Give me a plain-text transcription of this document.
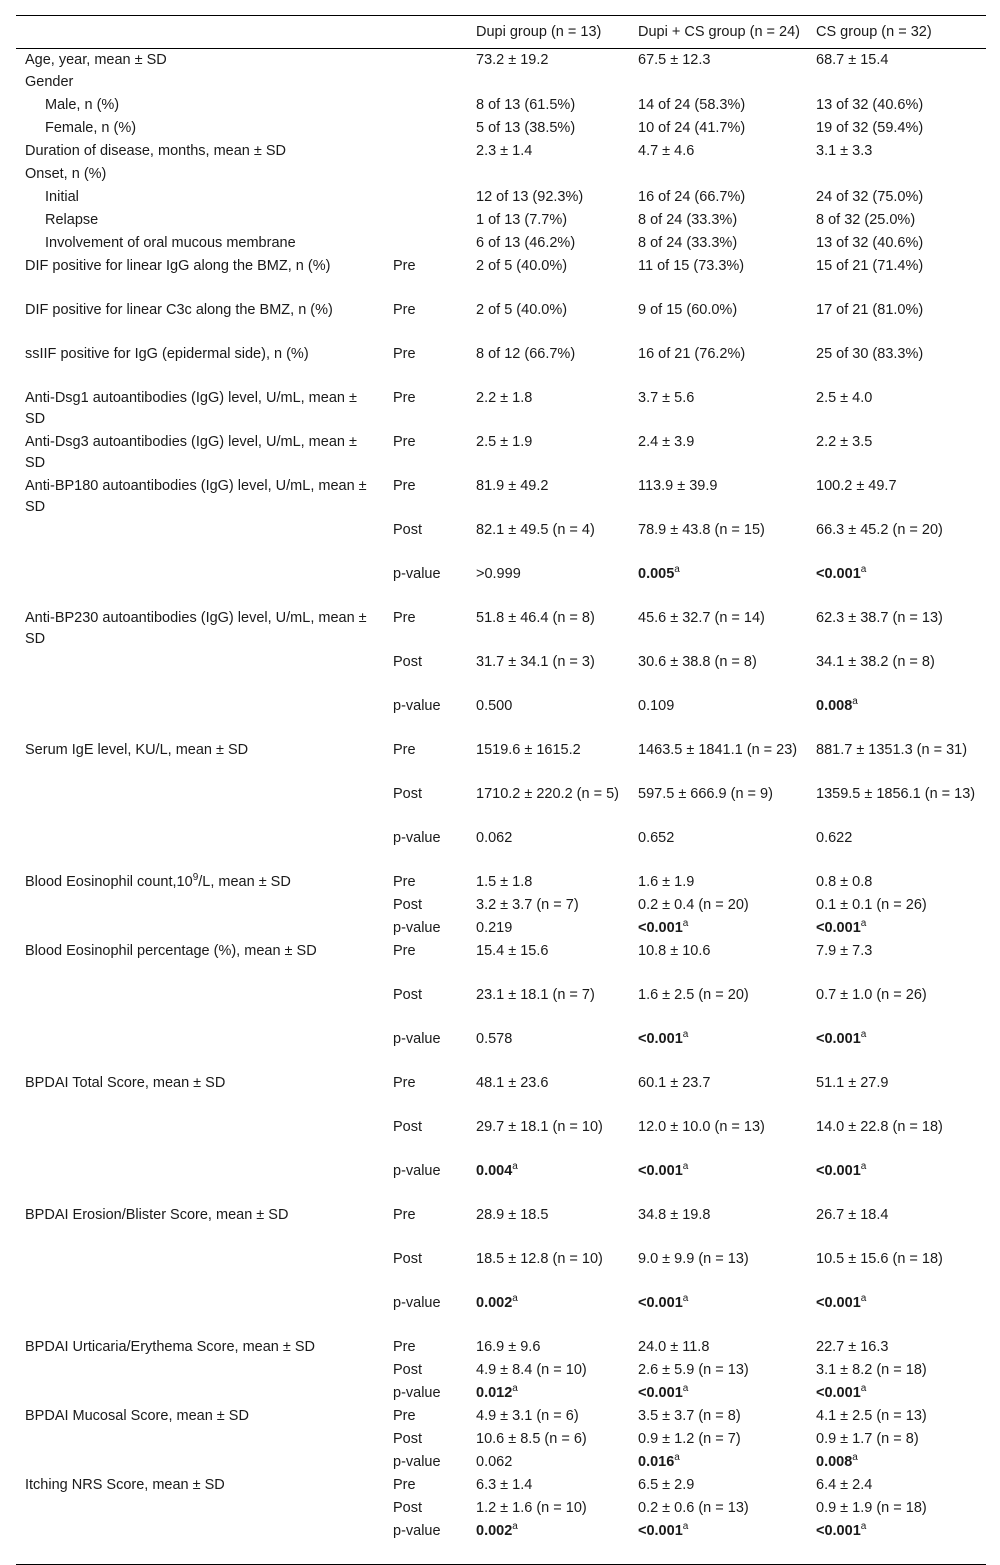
		Dupi group (n = 13)	Dupi + CS group (n = 24)	CS group (n = 32)
Age, year, mean ± SD		73.2 ± 19.2	67.5 ± 12.3	68.7 ± 15.4
Gender				
Male, n (%)		8 of 13 (61.5%)	14 of 24 (58.3%)	13 of 32 (40.6%)
Female, n (%)		5 of 13 (38.5%)	10 of 24 (41.7%)	19 of 32 (59.4%)
Duration of disease, months, mean ± SD		2.3 ± 1.4	4.7 ± 4.6	3.1 ± 3.3
Onset, n (%)				
Initial		12 of 13 (92.3%)	16 of 24 (66.7%)	24 of 32 (75.0%)
Relapse		1 of 13 (7.7%)	8 of 24 (33.3%)	8 of 32 (25.0%)
Involvement of oral mucous membrane		6 of 13 (46.2%)	8 of 24 (33.3%)	13 of 32 (40.6%)
DIF positive for linear IgG along the BMZ, n (%)	Pre	2 of 5 (40.0%)	11 of 15 (73.3%)	15 of 21 (71.4%)
DIF positive for linear C3c along the BMZ, n (%)	Pre	2 of 5 (40.0%)	9 of 15 (60.0%)	17 of 21 (81.0%)
ssIIF positive for IgG (epidermal side), n (%)	Pre	8 of 12 (66.7%)	16 of 21 (76.2%)	25 of 30 (83.3%)
Anti-Dsg1 autoantibodies (IgG) level, U/mL, mean ± SD	Pre	2.2 ± 1.8	3.7 ± 5.6	2.5 ± 4.0
Anti-Dsg3 autoantibodies (IgG) level, U/mL, mean ± SD	Pre	2.5 ± 1.9	2.4 ± 3.9	2.2 ± 3.5
Anti-BP180 autoantibodies (IgG) level, U/mL, mean ± SD	Pre	81.9 ± 49.2	113.9 ± 39.9	100.2 ± 49.7
	Post	82.1 ± 49.5 (n = 4)	78.9 ± 43.8 (n = 15)	66.3 ± 45.2 (n = 20)
	p-value	>0.999	0.005$^a$	<0.001$^a$
Anti-BP230 autoantibodies (IgG) level, U/mL, mean ± SD	Pre	51.8 ± 46.4 (n = 8)	45.6 ± 32.7 (n = 14)	62.3 ± 38.7 (n = 13)
	Post	31.7 ± 34.1 (n = 3)	30.6 ± 38.8 (n = 8)	34.1 ± 38.2 (n = 8)
	p-value	0.500	0.109	0.008$^a$
Serum IgE level, KU/L, mean ± SD	Pre	1519.6 ± 1615.2	1463.5 ± 1841.1 (n = 23)	881.7 ± 1351.3 (n = 31)
	Post	1710.2 ± 220.2 (n = 5)	597.5 ± 666.9 (n = 9)	1359.5 ± 1856.1 (n = 13)
	p-value	0.062	0.652	0.622
Blood Eosinophil $count,10^9/L$, mean ± SD	Pre	1.5 ± 1.8	1.6 ± 1.9	0.8 ± 0.8
	Post	3.2 ± 3.7 (n = 7)	0.2 ± 0.4 (n = 20)	0.1 ± 0.1 (n = 26)
	p-value	0.219	<0.001$^a$	<0.001$^a$
Blood Eosinophil percentage (%), mean ± SD	Pre	15.4 ± 15.6	10.8 ± 10.6	7.9 ± 7.3
	Post	23.1 ± 18.1 (n = 7)	1.6 ± 2.5 (n = 20)	0.7 ± 1.0 (n = 26)
	p-value	0.578	<0.001$^a$	<0.001$^a$
BPDAI Total Score, mean ± SD	Pre	48.1 ± 23.6	60.1 ± 23.7	51.1 ± 27.9
	Post	29.7 ± 18.1 (n = 10)	12.0 ± 10.0 (n = 13)	14.0 ± 22.8 (n = 18)
	p-value	0.004$^a$	<0.001$^a$	<0.001$^a$
BPDAI Erosion/Blister Score, mean ± SD	Pre	28.9 ± 18.5	34.8 ± 19.8	26.7 ± 18.4
	Post	18.5 ± 12.8 (n = 10)	9.0 ± 9.9 (n = 13)	10.5 ± 15.6 (n = 18)
	p-value	0.002$^a$	<0.001$^a$	<0.001$^a$
BPDAI Urticaria/Erythema Score, mean ± SD	Pre	16.9 ± 9.6	24.0 ± 11.8	22.7 ± 16.3
	Post	4.9 ± 8.4 (n = 10)	2.6 ± 5.9 (n = 13)	3.1 ± 8.2 (n = 18)
	p-value	0.012$^a$	<0.001$^a$	<0.001$^a$
BPDAI Mucosal Score, mean ± SD	Pre	4.9 ± 3.1 (n = 6)	3.5 ± 3.7 (n = 8)	4.1 ± 2.5 (n = 13)
	Post	10.6 ± 8.5 (n = 6)	0.9 ± 1.2 (n = 7)	0.9 ± 1.7 (n = 8)
	p-value	0.062	0.016$^a$	0.008$^a$
Itching NRS Score, mean ± SD	Pre	6.3 ± 1.4	6.5 ± 2.9	6.4 ± 2.4
	Post	1.2 ± 1.6 (n = 10)	0.2 ± 0.6 (n = 13)	0.9 ± 1.9 (n = 18)
	p-value	0.002$^a$	<0.001$^a$	<0.001$^a$
